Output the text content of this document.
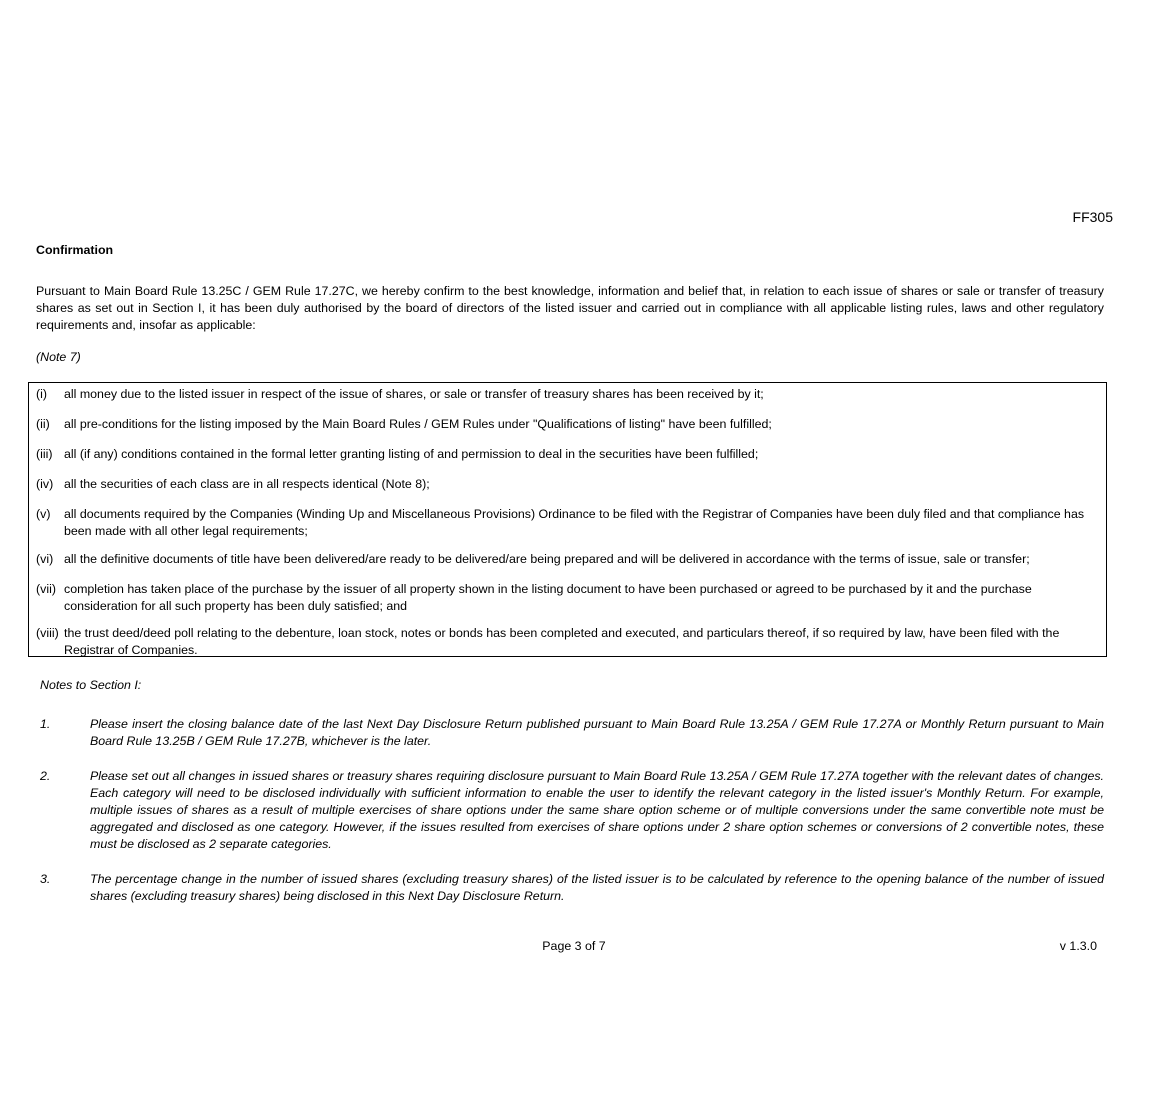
FF305
Confirmation
Pursuant to Main Board Rule 13.25C / GEM Rule 17.27C, we hereby confirm to the best knowledge, information and belief that, in relation to each issue of shares or sale or transfer of treasury shares as set out in Section I, it has been duly authorised by the board of directors of the listed issuer and carried out in compliance with all applicable listing rules, laws and other regulatory requirements and, insofar as applicable:
(Note 7)
(i) all money due to the listed issuer in respect of the issue of shares, or sale or transfer of treasury shares has been received by it;
(ii) all pre-conditions for the listing imposed by the Main Board Rules / GEM Rules under "Qualifications of listing" have been fulfilled;
(iii) all (if any) conditions contained in the formal letter granting listing of and permission to deal in the securities have been fulfilled;
(iv) all the securities of each class are in all respects identical (Note 8);
(v) all documents required by the Companies (Winding Up and Miscellaneous Provisions) Ordinance to be filed with the Registrar of Companies have been duly filed and that compliance has been made with all other legal requirements;
(vi) all the definitive documents of title have been delivered/are ready to be delivered/are being prepared and will be delivered in accordance with the terms of issue, sale or transfer;
(vii) completion has taken place of the purchase by the issuer of all property shown in the listing document to have been purchased or agreed to be purchased by it and the purchase consideration for all such property has been duly satisfied; and
(viii) the trust deed/deed poll relating to the debenture, loan stock, notes or bonds has been completed and executed, and particulars thereof, if so required by law, have been filed with the Registrar of Companies.
Notes to Section I:
1.	Please insert the closing balance date of the last Next Day Disclosure Return published pursuant to Main Board Rule 13.25A / GEM Rule 17.27A or Monthly Return pursuant to Main Board Rule 13.25B / GEM Rule 17.27B, whichever is the later.
2.	Please set out all changes in issued shares or treasury shares requiring disclosure pursuant to Main Board Rule 13.25A / GEM Rule 17.27A together with the relevant dates of changes. Each category will need to be disclosed individually with sufficient information to enable the user to identify the relevant category in the listed issuer's Monthly Return. For example, multiple issues of shares as a result of multiple exercises of share options under the same share option scheme or of multiple conversions under the same convertible note must be aggregated and disclosed as one category. However, if the issues resulted from exercises of share options under 2 share option schemes or conversions of 2 convertible notes, these must be disclosed as 2 separate categories.
3.	The percentage change in the number of issued shares (excluding treasury shares) of the listed issuer is to be calculated by reference to the opening balance of the number of issued shares (excluding treasury shares) being disclosed in this Next Day Disclosure Return.
Page 3 of 7	v 1.3.0
